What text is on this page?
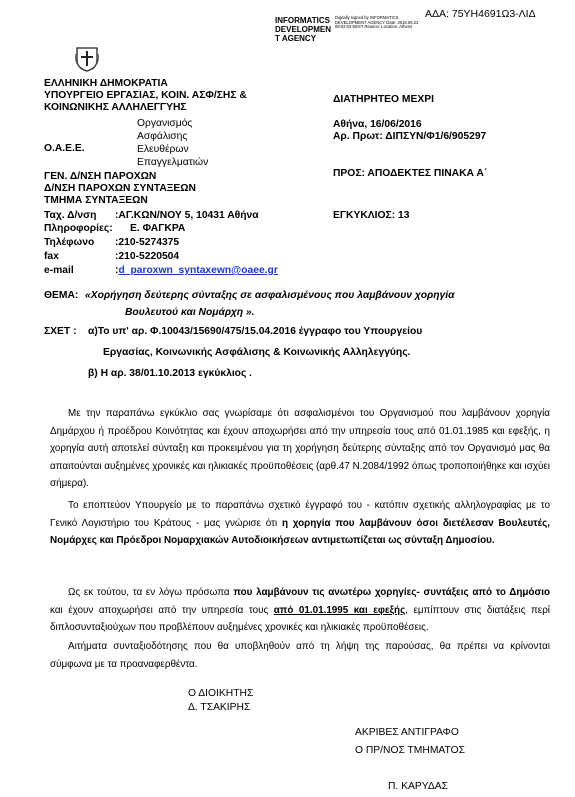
INFORMATICS DEVELOPMEN T AGENCY
Digitally signed by INFORMATICS DEVELOPMENT AGENCY Date: 2016.06.22 09:02:03 EEST Reason: Location: Athens
ΑΔΑ: 75ΥΗ4691Ω3-ΛΙΔ
ΕΛΛΗΝΙΚΗ ΔΗΜΟΚΡΑΤΙΑ
ΥΠΟΥΡΓΕΙΟ ΕΡΓΑΣΙΑΣ, ΚΟΙΝ. ΑΣΦ/ΣΗΣ &
ΚΟΙΝΩΝΙΚΗΣ ΑΛΛΗΛΕΓΓΥΗΣ
Ο.Α.Ε.Ε.
Οργανισμός
Ασφάλισης
Ελευθέρων
Επαγγελματιών
ΓΕΝ. Δ/ΝΣΗ ΠΑΡΟΧΩΝ
Δ/ΝΣΗ ΠΑΡΟΧΩΝ ΣΥΝΤΑΞΕΩΝ
ΤΜΗΜΑ ΣΥΝΤΑΞΕΩΝ
Ταχ. Δ/νση :ΑΓ.ΚΩΝ/ΝΟΥ 5, 10431 Αθήνα
Πληροφορίες: Ε. ΦΑΓΚΡΑ
Τηλέφωνο :210-5274375
fax	:210-5220504
e-mail	:d_paroxwn_syntaxewn@oaee.gr
ΔΙΑΤΗΡΗΤΕΟ ΜΕΧΡΙ
Αθήνα, 16/06/2016
Αρ. Πρωτ: ΔΙΠΣΥΝ/Φ1/6/905297
ΠΡΟΣ: ΑΠΟΔΕΚΤΕΣ ΠΙΝΑΚΑ Α΄
ΕΓΚΥΚΛΙΟΣ: 13
ΘΕΜΑ: «Χορήγηση δεύτερης σύνταξης σε ασφαλισμένους που λαμβάνουν χορηγία
Βουλευτού και Νομάρχη ».
ΣΧΕΤ : α)Το υπ' αρ. Φ.10043/15690/475/15.04.2016 έγγραφο του Υπουργείου
Εργασίας, Κοινωνικής Ασφάλισης & Κοινωνικής Αλληλεγγύης.
β) Η αρ. 38/01.10.2013 εγκύκλιος .
Με την παραπάνω εγκύκλιο σας γνωρίσαμε ότι ασφαλισμένοι του Οργανισμού που λαμβάνουν χορηγία Δημάρχου ή προέδρου Κοινότητας και έχουν αποχωρήσει από την υπηρεσία τους από 01.01.1985 και εφεξής, η χορηγία αυτή αποτελεί σύνταξη και προκειμένου για τη χορήγηση δεύτερης σύνταξης από τον Οργανισμό μας θα απαιτούνται αυξημένες χρονικές και ηλικιακές προϋποθέσεις (αρθ.47 Ν.2084/1992 όπως τροποποιήθηκε και ισχύει σήμερα).
Το εποπτεύον Υπουργείο με το παραπάνω σχετικό έγγραφό του - κατόπιν σχετικής αλληλογραφίας με το Γενικό Λογιστήριο του Κράτους - μας γνώρισε ότι η χορηγία που λαμβάνουν όσοι διετέλεσαν Βουλευτές, Νομάρχες και Πρόεδροι Νομαρχιακών Αυτοδιοικήσεων αντιμετωπίζεται ως σύνταξη Δημοσίου.
Ως εκ τούτου, τα εν λόγω πρόσωπα που λαμβάνουν τις ανωτέρω χορηγίες- συντάξεις από το Δημόσιο και έχουν αποχωρήσει από την υπηρεσία τους από 01.01.1995 και εφεξής, εμπίπτουν στις διατάξεις περί διπλοσυνταξιούχων που προβλέπουν αυξημένες χρονικές και ηλικιακές προϋποθέσεις.
Αιτήματα συνταξιοδότησης που θα υποβληθούν από τη λήψη της παρούσας, θα πρέπει να κρίνονται σύμφωνα με τα προαναφερθέντα.
Ο ΔΙΟΙΚΗΤΗΣ
Δ. ΤΣΑΚΙΡΗΣ
ΑΚΡΙΒΕΣ ΑΝΤΙΓΡΑΦΟ
Ο ΠΡ/ΝΟΣ ΤΜΗΜΑΤΟΣ
Π. ΚΑΡΥΔΑΣ
